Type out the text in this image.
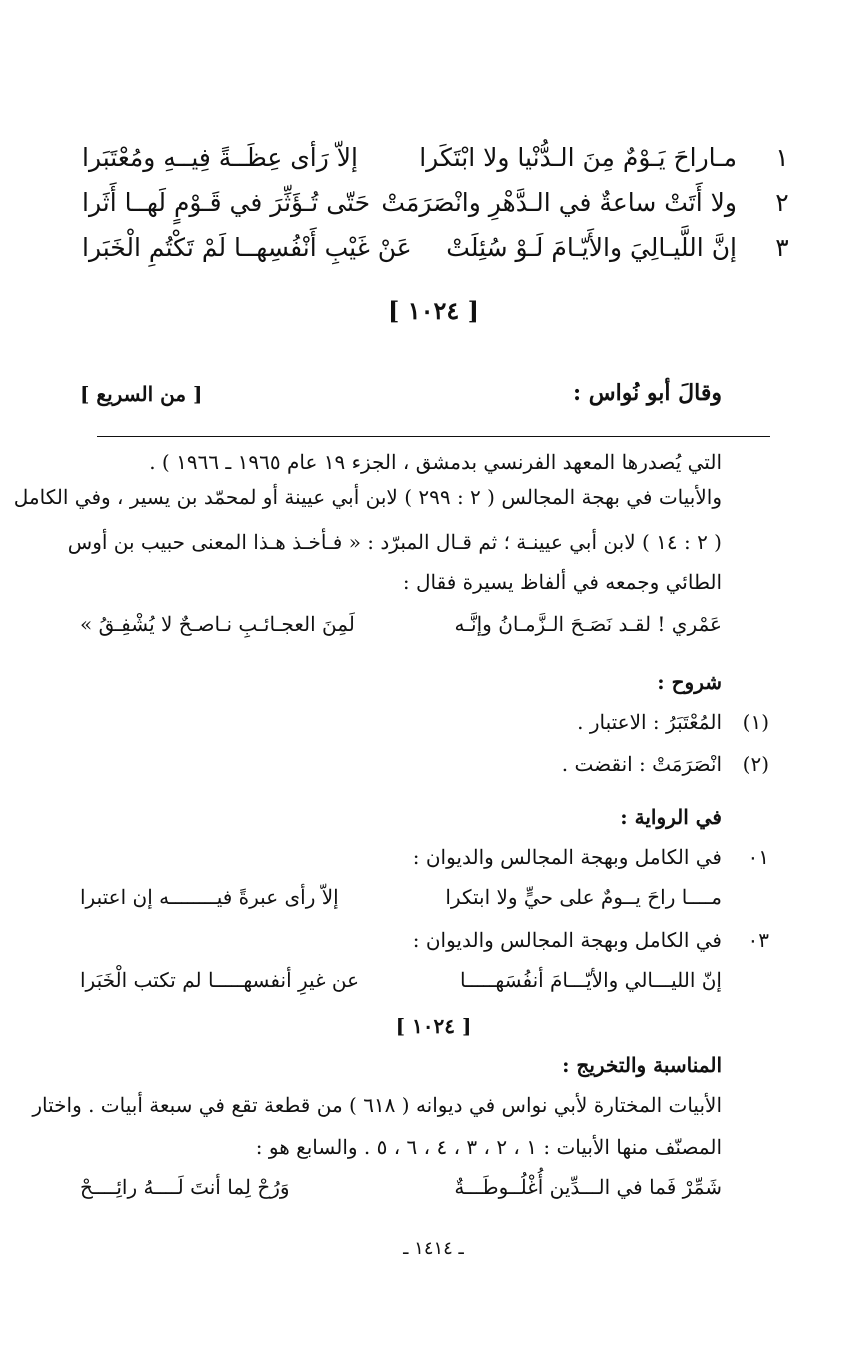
١
مـاراحَ يَـوْمٌ مِنَ الـدُّنْيا ولا ابْتَكَرا
إلاّ رَأى عِظَــةً فِيــهِ ومُعْتَبَرا
٢
ولا أَتَتْ ساعةٌ في الـدَّهْرِ وانْصَرَمَتْ
حَتّى تُـؤَثِّرَ في قَـوْمٍ لَهــا أَثَرا
٣
إنَّ اللَّيـالِيَ والأَيّـامَ لَـوْ سُئِلَتْ
عَنْ غَيْبِ أَنْفُسِهــا لَمْ تَكْتُمِ الْخَبَرا
[ ١٠٢٤ ]
وقالَ أبو نُواس :
[ من السريع ]
التي يُصدرها المعهد الفرنسي بدمشق ، الجزء ١٩ عام ١٩٦٥ ـ ١٩٦٦ ) .
والأبيات في بهجة المجالس ( ٢ : ٢٩٩ ) لابن أبي عيينة أو لمحمّد بن يسير ، وفي الكامل
( ٢ : ١٤ ) لابن أبي عيينـة ؛ ثم قـال المبرّد : « فـأخـذ هـذا المعنى حبيب بن أوس
الطائي وجمعه في ألفاظ يسيرة فقال :
عَمْري ! لقـد نَصَـحَ الـزَّمـانُ وإنَّـه
لَمِنَ العجـائـبِ نـاصـحٌ لا يُشْفِـقُ »
شروح :
(١)
المُعْتَبَرُ : الاعتبار .
(٢)
انْصَرَمَتْ : انقضت .
في الرواية :
٠١
في الكامل وبهجة المجالس والديوان :
مــــا راحَ يــومٌ على حيٍّ ولا ابتكرا
إلاّ رأى عبرةً فيــــــــه إن اعتبرا
٠٣
في الكامل وبهجة المجالس والديوان :
إنّ الليـــالي والأيّـــامَ أنفُسَهـــــا
عن غيرِ أنفسهـــــا لم تكتب الْخَبَرا
[ ١٠٢٤ ]
المناسبة والتخريج :
الأبيات المختارة لأبي نواس في ديوانه ( ٦١٨ ) من قطعة تقع في سبعة أبيات . واختار
المصنّف منها الأبيات : ١ ، ٢ ، ٣ ، ٤ ، ٦ ، ٥ . والسابع هو :
شَمِّرْ فَما في الـــدِّين أُغْلُــوطَـــةٌ
وَرُحْ لِما أنتَ لَــــهُ رائِــــحْ
ـ ١٤١٤ ـ
